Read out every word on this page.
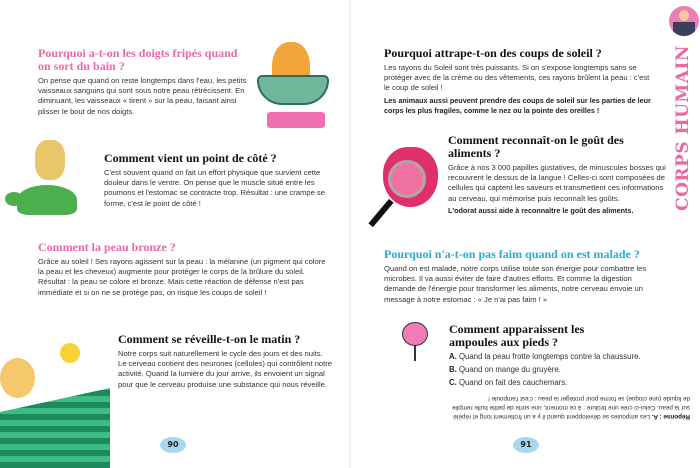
Pourquoi a-t-on les doigts fripés quand on sort du bain ?

On pense que quand on reste longtemps dans l'eau, les petits vaisseaux sanguins qui sont sous notre peau rétrécissent. En diminuant, les vaisseaux « tirent » sur la peau, faisant ainsi plisser le bout de nos doigts.

Comment vient un point de côté ?

C'est souvent quand on fait un effort physique que survient cette douleur dans le ventre. On pense que le muscle situé entre les poumons et l'estomac se contracte trop. Résultat : une crampe se forme, c'est le point de côté !

Comment la peau bronze ?

Grâce au soleil ! Ses rayons agissent sur la peau : la mélanine (un pigment qui colore la peau et les cheveux) augmente pour protéger le corps de la brûlure du soleil. Résultat : la peau se colore et bronze. Mais cette réaction de défense n'est pas immédiate et si on ne se protège pas, on risque les coups de soleil !

Comment se réveille-t-on le matin ?

Notre corps suit naturellement le cycle des jours et des nuits. Le cerveau contient des neurones (cellules) qui contrôlent notre activité. Quand la lumière du jour arrive, ils envoient un signal pour que le cerveau produise une substance qui nous réveille.

90
Pourquoi attrape-t-on des coups de soleil ?

Les rayons du Soleil sont très puissants. Si on s'expose longtemps sans se protéger avec de la crème ou des vêtements, ces rayons brûlent la peau : c'est le coup de soleil !

Les animaux aussi peuvent prendre des coups de soleil sur les parties de leur corps les plus fragiles, comme le nez ou la pointe des oreilles !

Comment reconnaît-on le goût des aliments ?

Grâce à nos 3 000 papilles gustatives, de minuscules bosses qui recouvrent le dessus de la langue ! Celles-ci sont composées de cellules qui captent les saveurs et transmettent ces informations au cerveau, qui mémorise puis reconnaît les goûts.

L'odorat aussi aide à reconnaître le goût des aliments.

Pourquoi n'a-t-on pas faim quand on est malade ?

Quand on est malade, notre corps utilise toute son énergie pour combattre les microbes. Il va aussi éviter de faire d'autres efforts. Et comme la digestion demande de l'énergie pour transformer les aliments, notre cerveau envoie un message à notre estomac : « Je n'ai pas faim ! »

Comment apparaissent les ampoules aux pieds ?
A. Quand la peau frotte longtemps contre la chaussure.
B. Quand on mange du gruyère.
C. Quand on fait des cauchemars.
Réponse : A. Les ampoules se développent quand il y a un frottement long et répété sur la peau. Celui-ci crée une brûlure : à ce moment, une sorte de petite bulle remplie de liquide (une cloque) se forme pour protéger la peau : c'est l'ampoule !
91
CORPS HUMAIN
